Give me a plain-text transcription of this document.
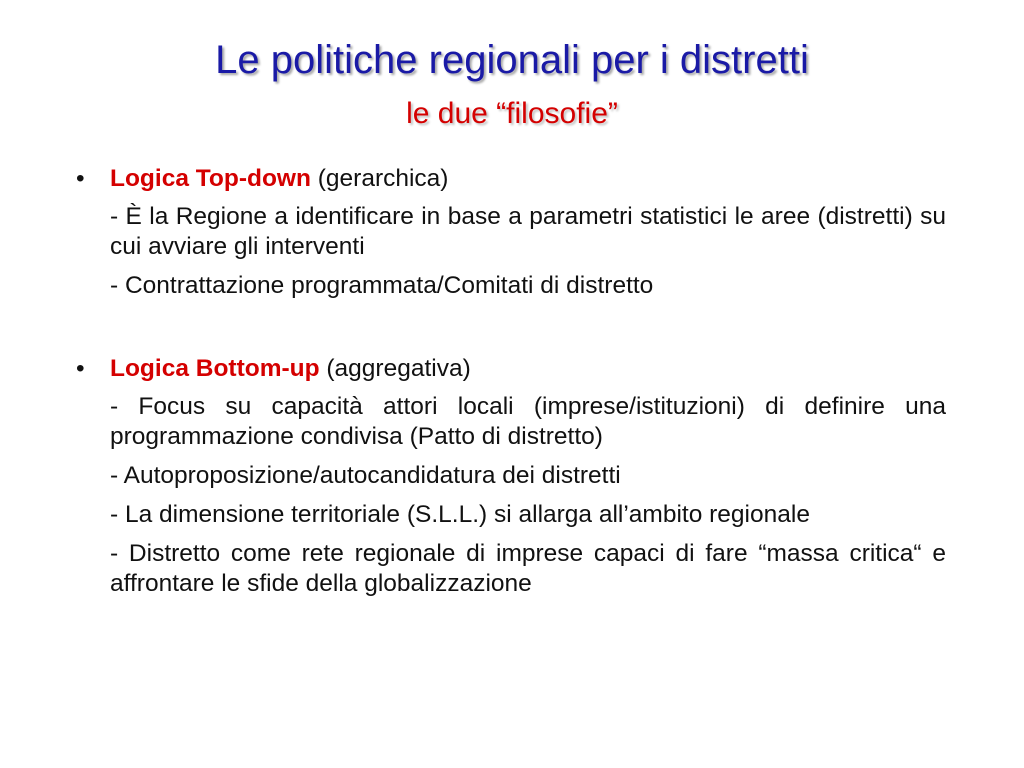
Le politiche regionali per i distretti
le due “filosofie”
•	Logica Top-down (gerarchica)
- È la Regione a identificare in base a parametri statistici le aree (distretti) su cui avviare gli interventi
- Contrattazione programmata/Comitati di distretto
•	Logica Bottom-up (aggregativa)
- Focus su capacità attori locali (imprese/istituzioni) di definire una programmazione condivisa (Patto di distretto)
- Autoproposizione/autocandidatura dei distretti
- La dimensione territoriale (S.L.L.) si allarga all’ambito regionale
- Distretto come rete regionale di imprese capaci di fare “massa critica“ e affrontare le sfide della globalizzazione
